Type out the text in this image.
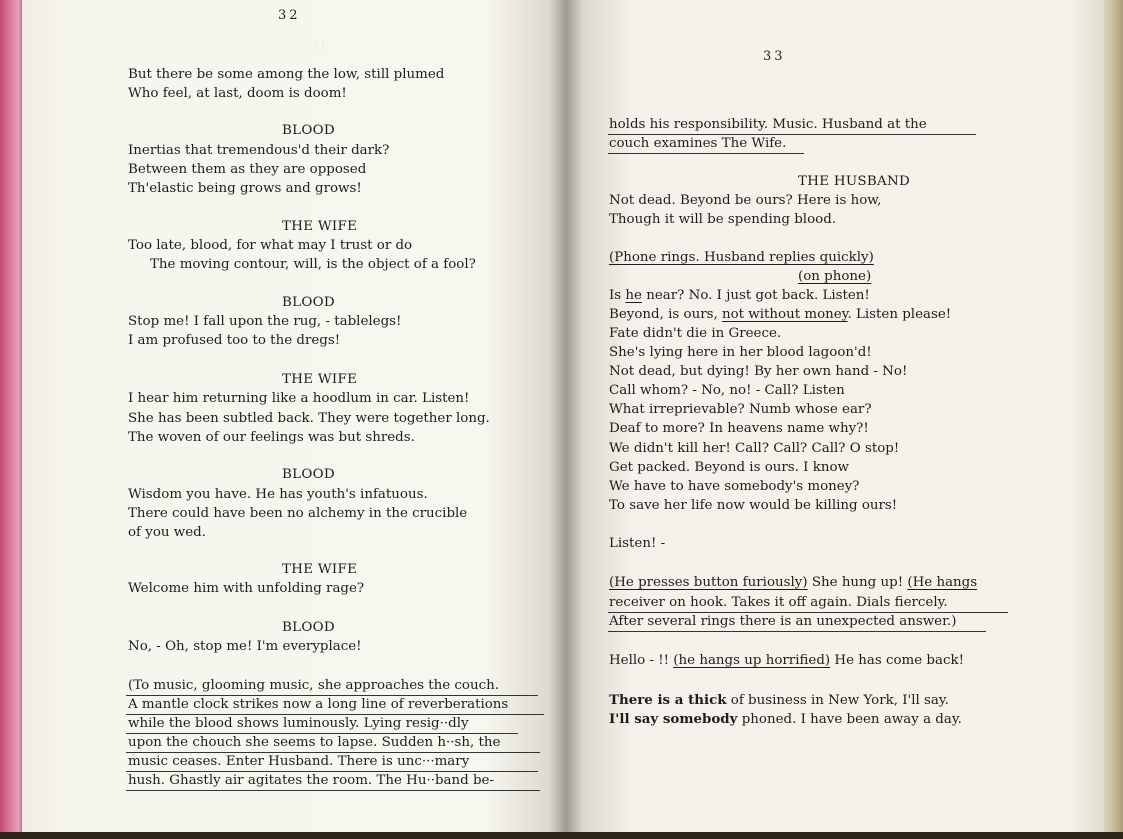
11
32
But there be some among the low, still plumed
Who feel, at last, doom is doom!
BLOOD
Inertias that tremendous'd their dark?
Between them as they are opposed
Th'elastic being grows and grows!
THE WIFE
Too late, blood, for what may I trust or do
The moving contour, will, is the object of a fool?
BLOOD
Stop me! I fall upon the rug, - tablelegs!
I am profused too to the dregs!
THE WIFE
I hear him returning like a hoodlum in car. Listen!
She has been subtled back. They were together long.
The woven of our feelings was but shreds.
BLOOD
Wisdom you have. He has youth's infatuous.
There could have been no alchemy in the crucible
of you wed.
THE WIFE
Welcome him with unfolding rage?
BLOOD
No, - Oh, stop me! I'm everyplace!
(To music, glooming music, she approaches the couch.
A mantle clock strikes now a long line of reverberations
while the blood shows luminously. Lying resig··dly
upon the chouch she seems to lapse. Sudden h··sh, the
music ceases. Enter Husband. There is unc···mary
hush. Ghastly air agitates the room. The Hu··band be-
33
holds his responsibility. Music. Husband at the
couch examines The Wife.
THE HUSBAND
Not dead. Beyond be ours? Here is how,
Though it will be spending blood.
(Phone rings. Husband replies quickly)
(on phone)
Is he near? No. I just got back. Listen!
Beyond, is ours, not without money. Listen please!
Fate didn't die in Greece.
She's lying here in her blood lagoon'd!
Not dead, but dying! By her own hand - No!
Call whom? - No, no! - Call? Listen
What irreprievable? Numb whose ear?
Deaf to more? In heavens name why?!
We didn't kill her! Call? Call? Call? O stop!
Get packed. Beyond is ours. I know
We have to have somebody's money?
To save her life now would be killing ours!
Listen! -
(He presses button furiously) She hung up! (He hangs
receiver on hook. Takes it off again. Dials fiercely.
After several rings there is an unexpected answer.)
Hello - !! (he hangs up horrified) He has come back!
There is a thick of business in New York, I'll say.
I'll say somebody phoned. I have been away a day.
